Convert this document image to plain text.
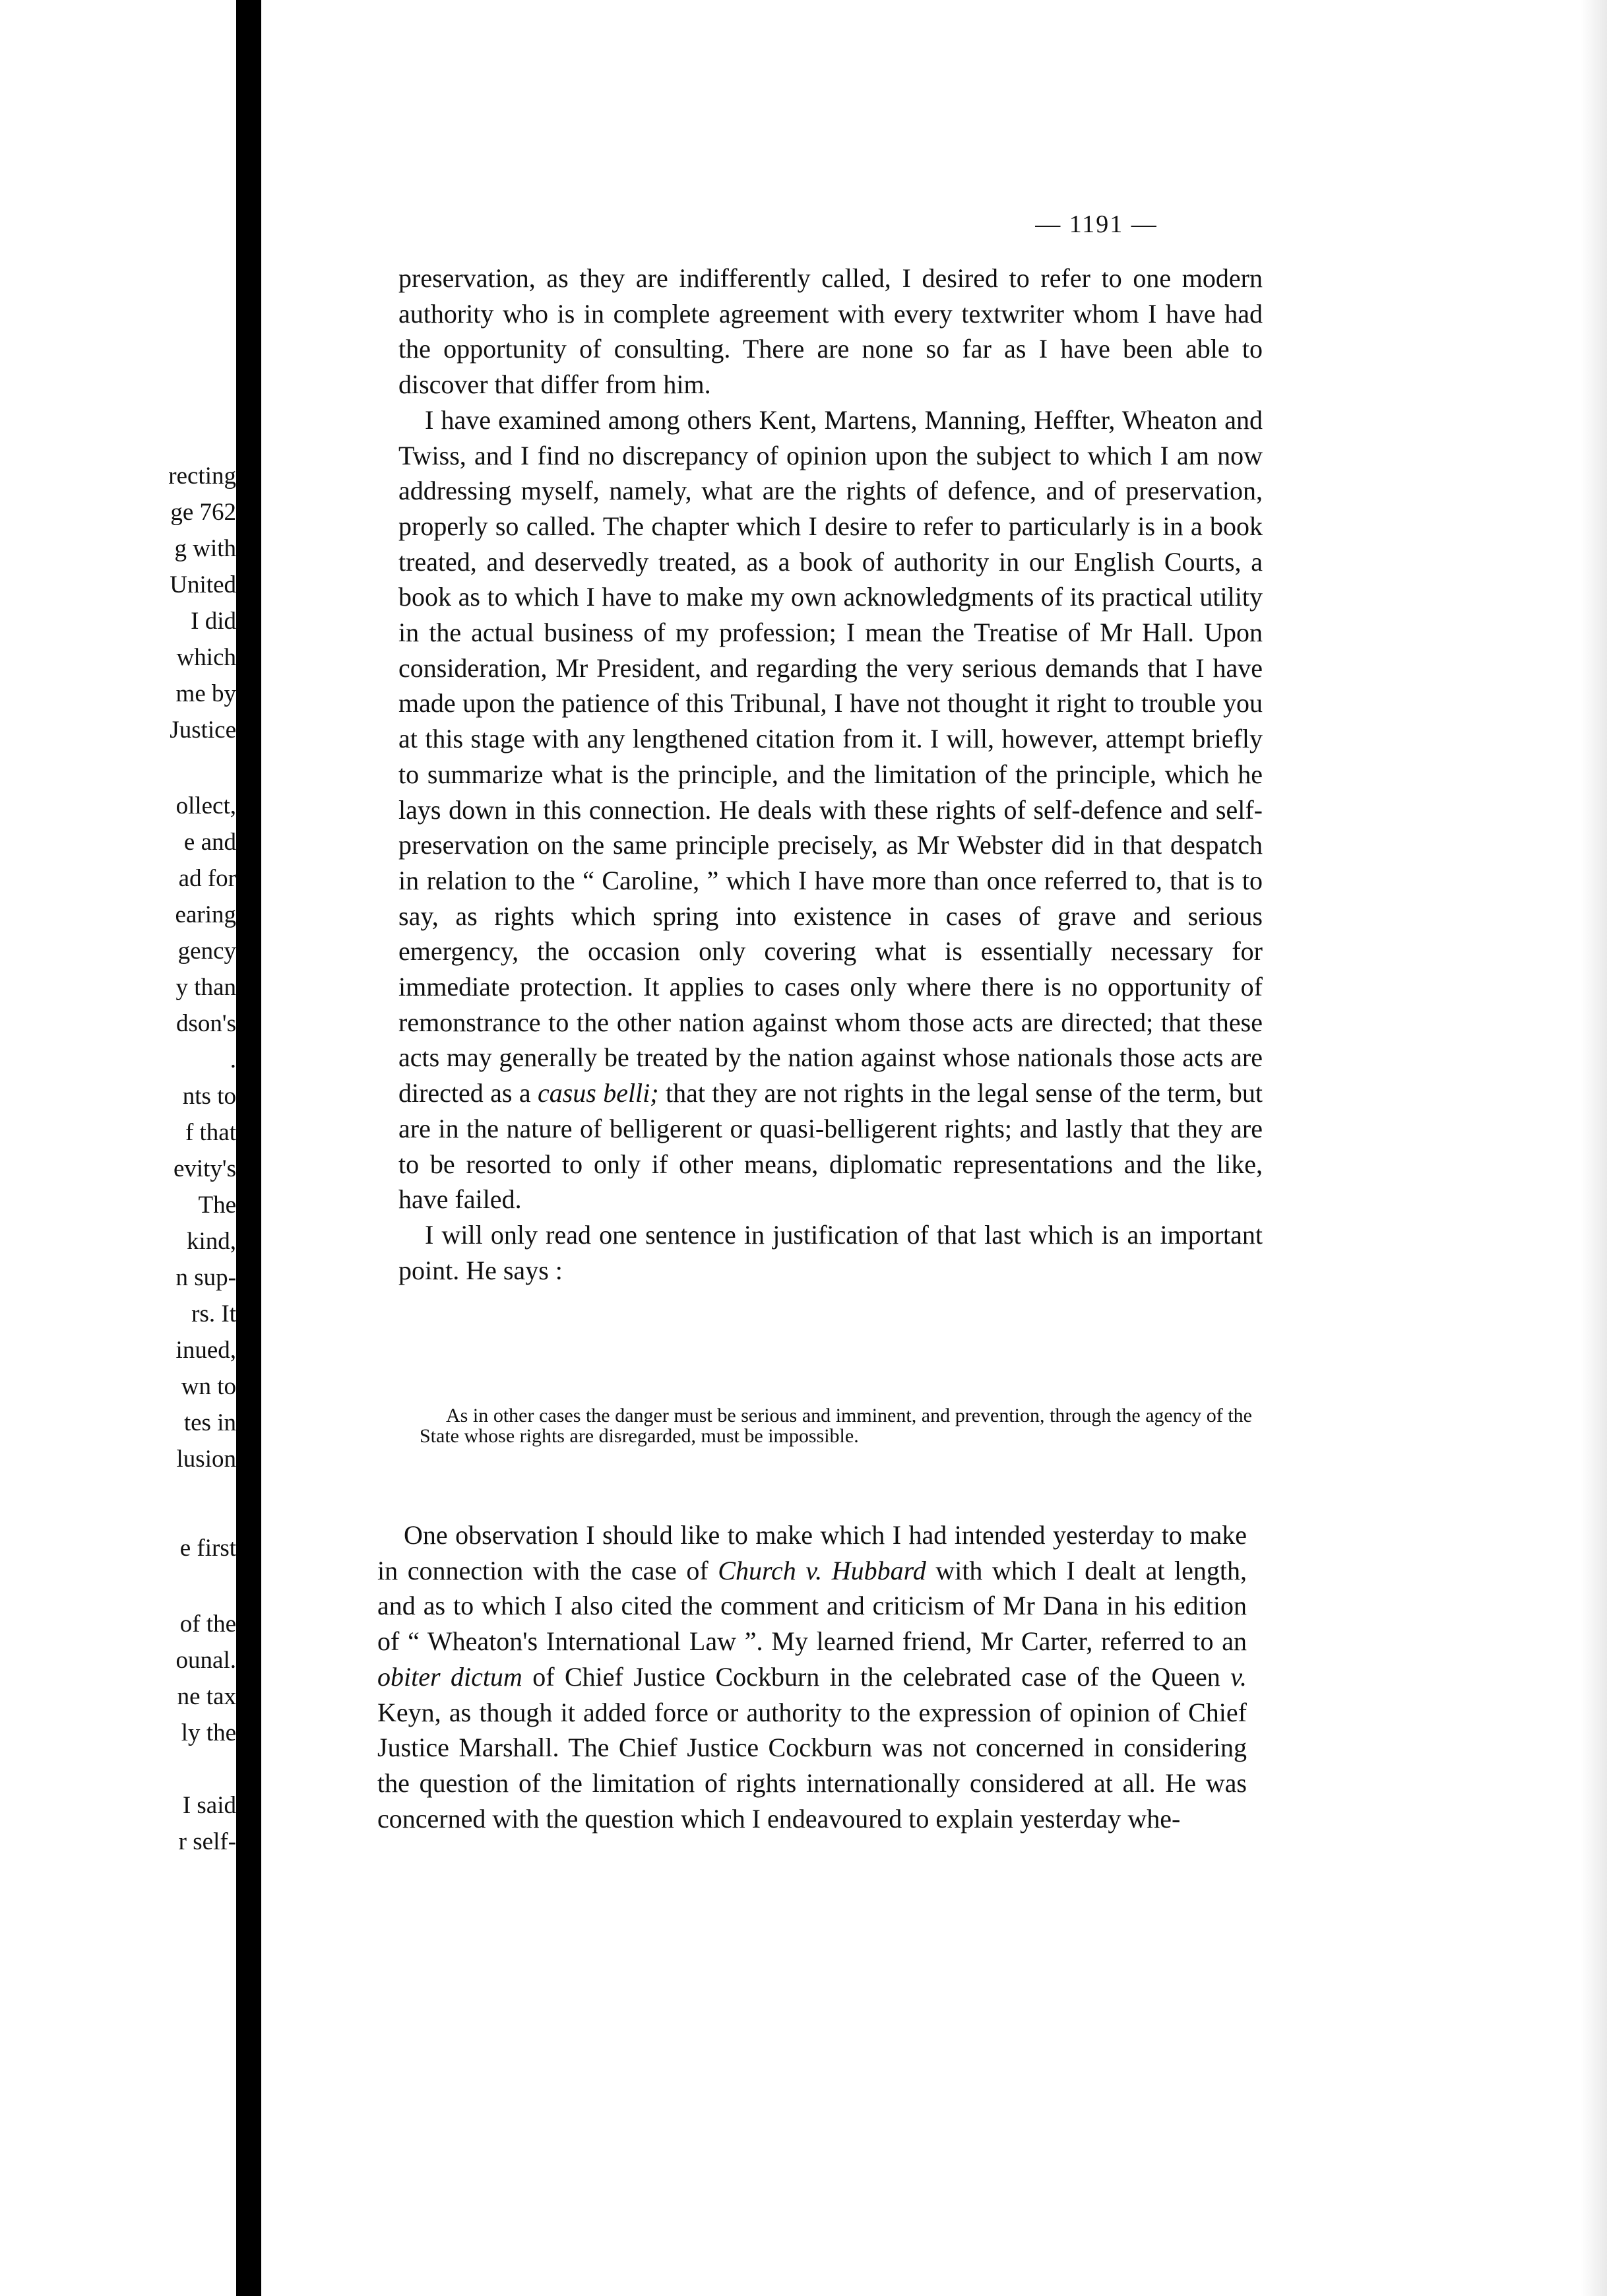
recting
ge 762
g with
United
I did
which
me by
Justice
ollect,
e and
ad for
earing
gency
y than
dson's
.
nts to
f that
evity's
The
kind,
n sup-
rs. It
inued,
wn to
tes in
lusion
e first
of the
ounal.
ne tax
ly the
I said
r self-
— 1191 —

preservation, as they are indifferently called, I desired to refer to one modern authority who is in complete agreement with every textwriter whom I have had the opportunity of consulting. There are none so far as I have been able to discover that differ from him.

I have examined among others Kent, Martens, Manning, Heffter, Wheaton and Twiss, and I find no discrepancy of opinion upon the subject to which I am now addressing myself, namely, what are the rights of defence, and of preservation, properly so called. The chapter which I desire to refer to particularly is in a book treated, and deservedly treated, as a book of authority in our English Courts, a book as to which I have to make my own acknowledgments of its practical utility in the actual business of my profession; I mean the Treatise of Mr Hall. Upon consideration, Mr President, and regarding the very serious demands that I have made upon the patience of this Tribunal, I have not thought it right to trouble you at this stage with any lengthened citation from it. I will, however, attempt briefly to summarize what is the principle, and the limitation of the principle, which he lays down in this connection. He deals with these rights of self-defence and self-preservation on the same principle precisely, as Mr Webster did in that despatch in relation to the “ Caroline, ” which I have more than once referred to, that is to say, as rights which spring into existence in cases of grave and serious emergency, the occasion only covering what is essentially necessary for immediate protection. It applies to cases only where there is no opportunity of remonstrance to the other nation against whom those acts are directed; that these acts may generally be treated by the nation against whose nationals those acts are directed as a casus belli; that they are not rights in the legal sense of the term, but are in the nature of belligerent or quasi-belligerent rights; and lastly that they are to be resorted to only if other means, diplomatic representations and the like, have failed.

I will only read one sentence in justification of that last which is an important point. He says :

As in other cases the danger must be serious and imminent, and prevention, through the agency of the State whose rights are disregarded, must be impossible.

One observation I should like to make which I had intended yesterday to make in connection with the case of Church v. Hubbard with which I dealt at length, and as to which I also cited the comment and criticism of Mr Dana in his edition of “ Wheaton's International Law ”. My learned friend, Mr Carter, referred to an obiter dictum of Chief Justice Cockburn in the celebrated case of the Queen v. Keyn, as though it added force or authority to the expression of opinion of Chief Justice Marshall. The Chief Justice Cockburn was not concerned in considering the question of the limitation of rights internationally considered at all. He was concerned with the question which I endeavoured to explain yesterday whe-
